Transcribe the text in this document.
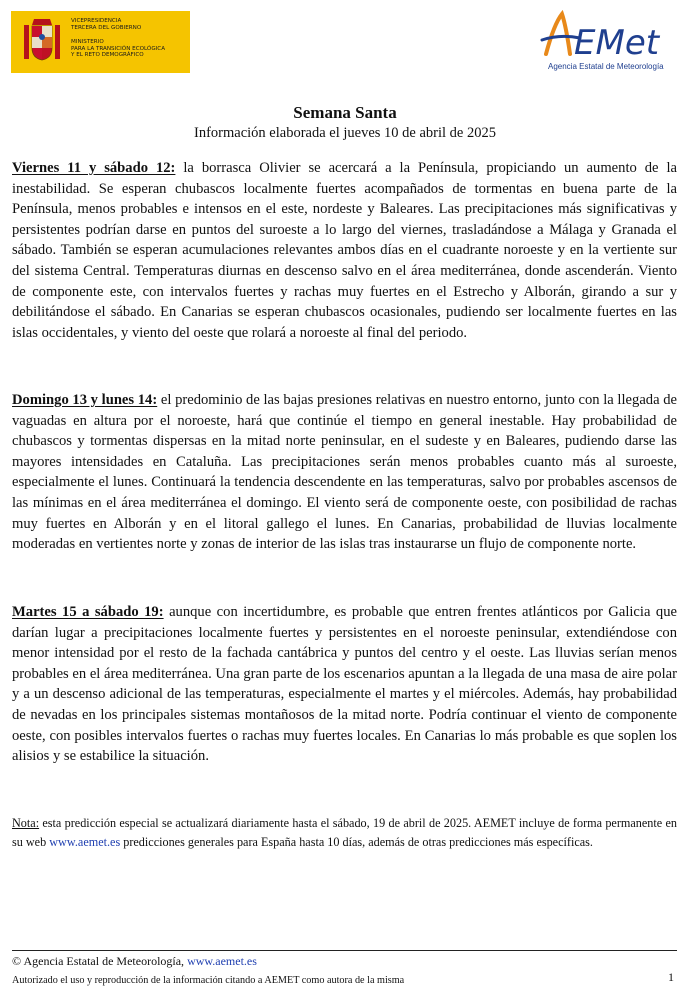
VICEPRESIDENCIA
TERCERA DEL GOBIERNO
MINISTERIO
PARA LA TRANSICIÓN ECOLÓGICA
Y EL RETO DEMOGRÁFICO	EMet
Agencia Estatal de Meteorología
Semana Santa
Información elaborada el jueves 10 de abril de 2025
Viernes 11 y sábado 12: la borrasca Olivier se acercará a la Península, propiciando un aumento de la inestabilidad. Se esperan chubascos localmente fuertes acompañados de tormentas en buena parte de la Península, menos probables e intensos en el este, nordeste y Baleares. Las precipitaciones más significativas y persistentes podrían darse en puntos del suroeste a lo largo del viernes, trasladándose a Málaga y Granada el sábado. También se esperan acumulaciones relevantes ambos días en el cuadrante noroeste y en la vertiente sur del sistema Central. Temperaturas diurnas en descenso salvo en el área mediterránea, donde ascenderán. Viento de componente este, con intervalos fuertes y rachas muy fuertes en el Estrecho y Alborán, girando a sur y debilitándose el sábado. En Canarias se esperan chubascos ocasionales, pudiendo ser localmente fuertes en las islas occidentales, y viento del oeste que rolará a noroeste al final del periodo.
Domingo 13 y lunes 14: el predominio de las bajas presiones relativas en nuestro entorno, junto con la llegada de vaguadas en altura por el noroeste, hará que continúe el tiempo en general inestable. Hay probabilidad de chubascos y tormentas dispersas en la mitad norte peninsular, en el sudeste y en Baleares, pudiendo darse las mayores intensidades en Cataluña. Las precipitaciones serán menos probables cuanto más al suroeste, especialmente el lunes. Continuará la tendencia descendente en las temperaturas, salvo por probables ascensos de las mínimas en el área mediterránea el domingo. El viento será de componente oeste, con posibilidad de rachas muy fuertes en Alborán y en el litoral gallego el lunes. En Canarias, probabilidad de lluvias localmente moderadas en vertientes norte y zonas de interior de las islas tras instaurarse un flujo de componente norte.
Martes 15 a sábado 19: aunque con incertidumbre, es probable que entren frentes atlánticos por Galicia que darían lugar a precipitaciones localmente fuertes y persistentes en el noroeste peninsular, extendiéndose con menor intensidad por el resto de la fachada cantábrica y puntos del centro y el oeste. Las lluvias serían menos probables en el área mediterránea. Una gran parte de los escenarios apuntan a la llegada de una masa de aire polar y a un descenso adicional de las temperaturas, especialmente el martes y el miércoles. Además, hay probabilidad de nevadas en los principales sistemas montañosos de la mitad norte. Podría continuar el viento de componente oeste, con posibles intervalos fuertes o rachas muy fuertes locales. En Canarias lo más probable es que soplen los alisios y se estabilice la situación.
Nota: esta predicción especial se actualizará diariamente hasta el sábado, 19 de abril de 2025. AEMET incluye de forma permanente en su web www.aemet.es predicciones generales para España hasta 10 días, además de otras predicciones más específicas.
© Agencia Estatal de Meteorología, www.aemet.es
Autorizado el uso y reproducción de la información citando a AEMET como autora de la misma	1
